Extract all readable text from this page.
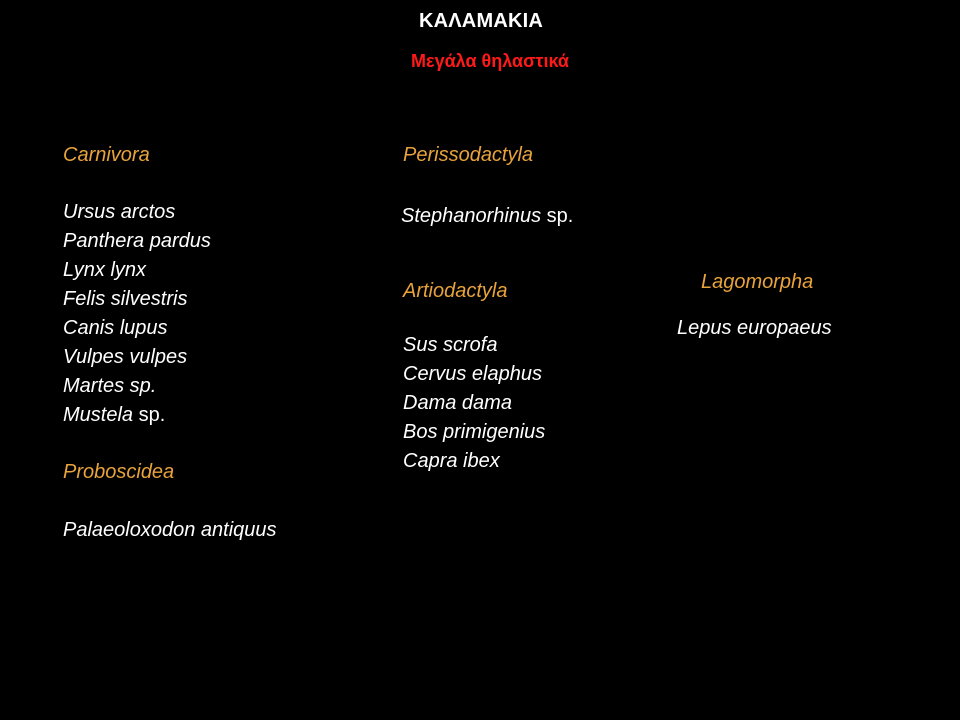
ΚΑΛΑΜΑΚΙΑ
Μεγάλα θηλαστικά
Carnivora
Ursus arctos
Panthera pardus
Lynx lynx
Felis silvestris
Canis lupus
Vulpes vulpes
Martes sp.
Mustela sp.
Proboscidea
Palaeoloxodon antiquus
Perissodactyla
Stephanorhinus sp.
Artiodactyla
Sus scrofa
Cervus elaphus
Dama dama
Bos primigenius
Capra ibex
Lagomorpha
Lepus europaeus
